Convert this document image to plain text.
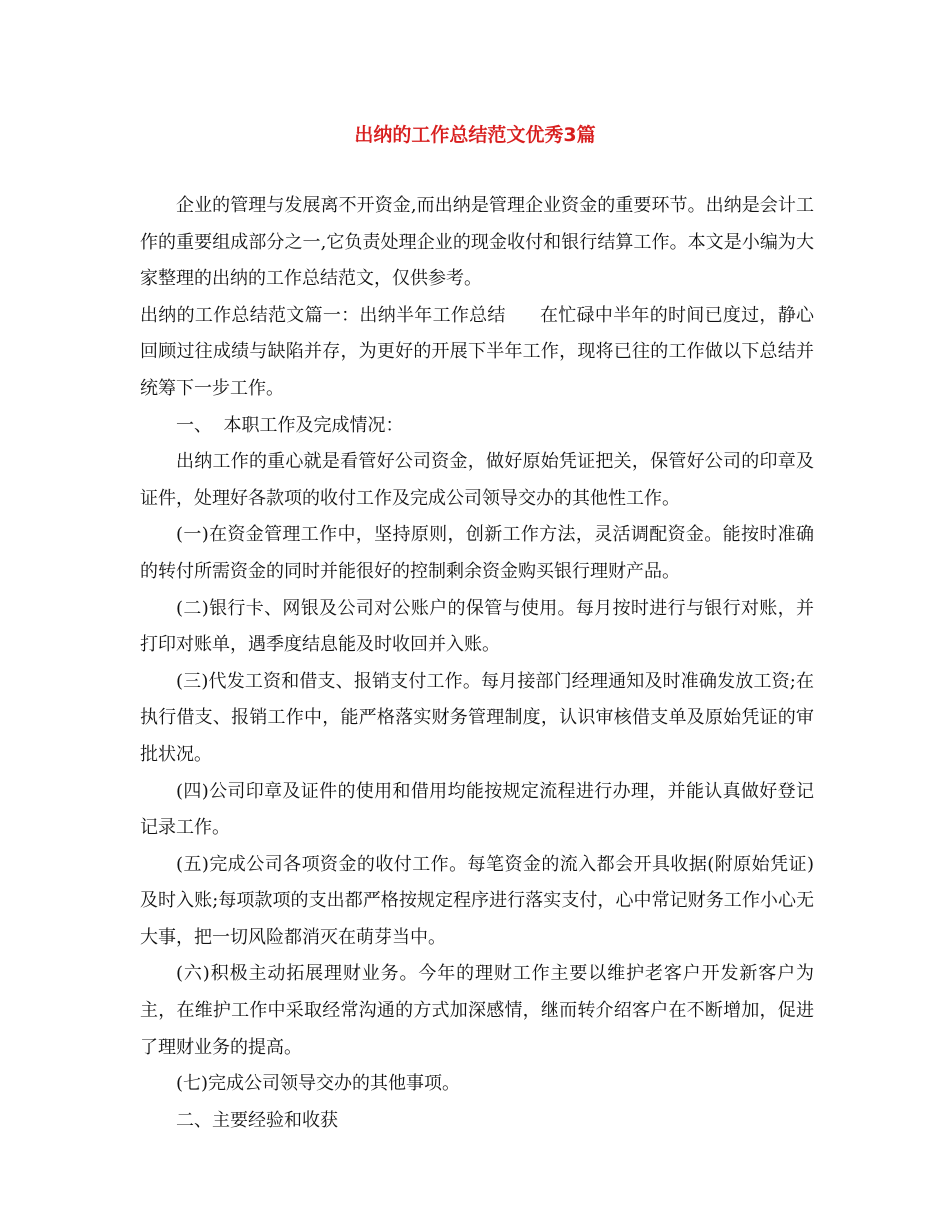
出纳的工作总结范文优秀3篇

企业的管理与发展离不开资金,而出纳是管理企业资金的重要环节。出纳是会计工作的重要组成部分之一,它负责处理企业的现金收付和银行结算工作。本文是小编为大家整理的出纳的工作总结范文，仅供参考。

出纳的工作总结范文篇一：出纳半年工作总结 在忙碌中半年的时间已度过，静心回顾过往成绩与缺陷并存，为更好的开展下半年工作，现将已往的工作做以下总结并统筹下一步工作。

一、  本职工作及完成情况：

出纳工作的重心就是看管好公司资金，做好原始凭证把关，保管好公司的印章及证件，处理好各款项的收付工作及完成公司领导交办的其他性工作。

(一)在资金管理工作中，坚持原则，创新工作方法，灵活调配资金。能按时准确的转付所需资金的同时并能很好的控制剩余资金购买银行理财产品。

(二)银行卡、网银及公司对公账户的保管与使用。每月按时进行与银行对账，并打印对账单，遇季度结息能及时收回并入账。

(三)代发工资和借支、报销支付工作。每月接部门经理通知及时准确发放工资;在执行借支、报销工作中，能严格落实财务管理制度，认识审核借支单及原始凭证的审批状况。

(四)公司印章及证件的使用和借用均能按规定流程进行办理，并能认真做好登记记录工作。

(五)完成公司各项资金的收付工作。每笔资金的流入都会开具收据(附原始凭证)及时入账;每项款项的支出都严格按规定程序进行落实支付，心中常记财务工作小心无大事，把一切风险都消灭在萌芽当中。

(六)积极主动拓展理财业务。今年的理财工作主要以维护老客户开发新客户为主，在维护工作中采取经常沟通的方式加深感情，继而转介绍客户在不断增加，促进了理财业务的提高。

(七)完成公司领导交办的其他事项。

二、主要经验和收获
